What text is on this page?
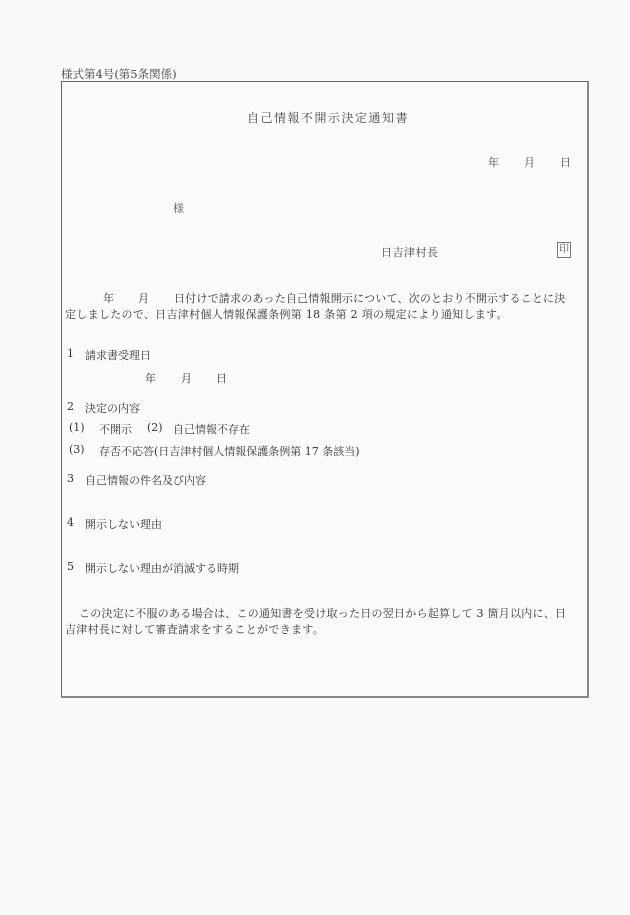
様式第4号(第5条関係)
自己情報不開示決定通知書
年 月 日
様
日吉津村長	印
年 月 日付けで請求のあった自己情報開示について、次のとおり不開示することに決
定しましたので、日吉津村個人情報保護条例第 18 条第 2 項の規定により通知します。
1 請求書受理日
年 月 日
2 決定の内容
(1) 不開示 (2) 自己情報不存在
(3) 存否不応答(日吉津村個人情報保護条例第 17 条該当)
3 自己情報の件名及び内容
4 開示しない理由
5 開示しない理由が消滅する時期
この決定に不服のある場合は、この通知書を受け取った日の翌日から起算して 3 箇月以内に、日
吉津村長に対して審査請求をすることができます。
